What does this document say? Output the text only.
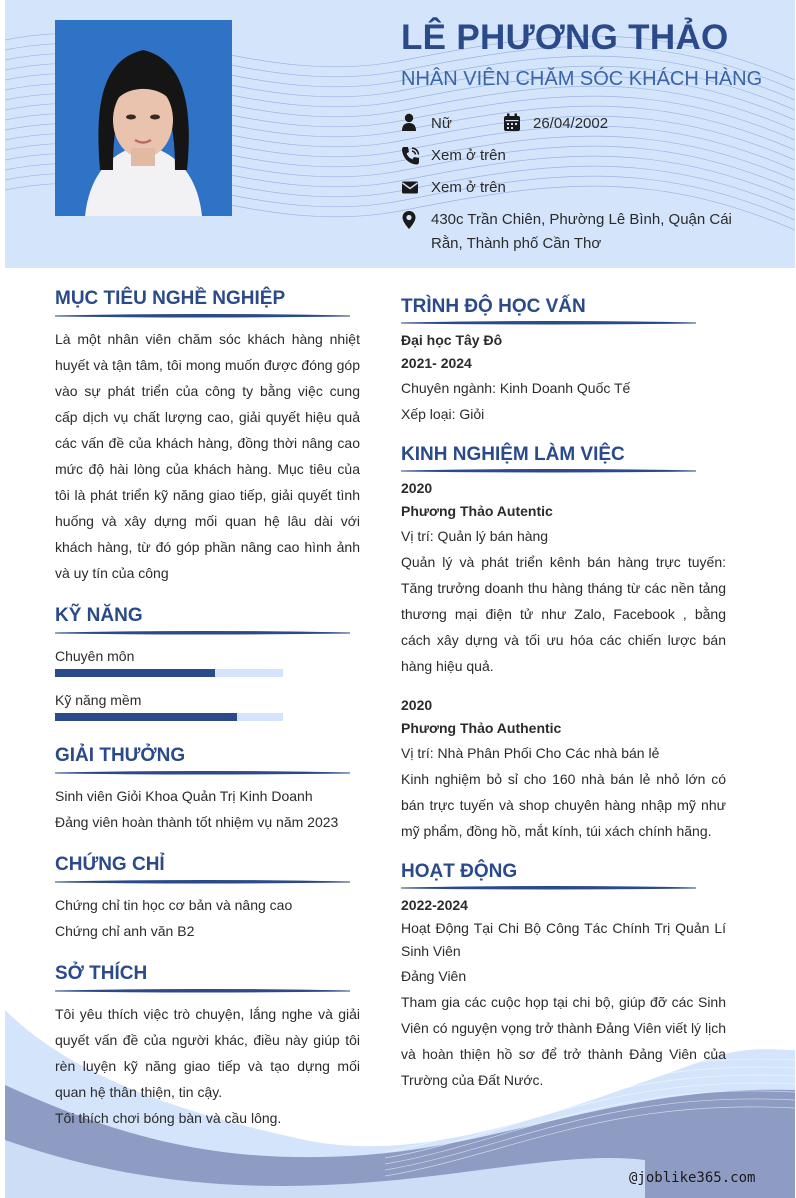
LÊ PHƯƠNG THẢO
NHÂN VIÊN CHĂM SÓC KHÁCH HÀNG
Nữ	26/04/2002
Xem ở trên
Xem ở trên
430c Trần Chiên, Phường Lê Bình, Quận Cái
Rằn, Thành phố Cần Thơ
MỤC TIÊU NGHỀ NGHIỆP
Là một nhân viên chăm sóc khách hàng nhiệt huyết và tận tâm, tôi mong muốn được đóng góp vào sự phát triển của công ty bằng việc cung cấp dịch vụ chất lượng cao, giải quyết hiệu quả các vấn đề của khách hàng, đồng thời nâng cao mức độ hài lòng của khách hàng. Mục tiêu của tôi là phát triển kỹ năng giao tiếp, giải quyết tình huống và xây dựng mối quan hệ lâu dài với khách hàng, từ đó góp phần nâng cao hình ảnh và uy tín của công
KỸ NĂNG
Chuyên môn
Kỹ năng mềm
GIẢI THƯỞNG
Sinh viên Giỏi Khoa Quản Trị Kinh Doanh
Đảng viên hoàn thành tốt nhiệm vụ năm 2023
CHỨNG CHỈ
Chứng chỉ tin học cơ bản và nâng cao
Chứng chỉ anh văn B2
SỞ THÍCH
Tôi yêu thích việc trò chuyện, lắng nghe và giải quyết vấn đề của người khác, điều này giúp tôi rèn luyện kỹ năng giao tiếp và tạo dựng mối quan hệ thân thiện, tin cậy.
Tôi thích chơi bóng bàn và cầu lông.
TRÌNH ĐỘ HỌC VẤN
Đại học Tây Đô
2021- 2024
Chuyên ngành: Kinh Doanh Quốc Tế
Xếp loại: Giỏi
KINH NGHIỆM LÀM VIỆC
2020
Phương Thảo Autentic
Vị trí: Quản lý bán hàng
Quản lý và phát triển kênh bán hàng trực tuyến: Tăng trưởng doanh thu hàng tháng từ các nền tảng thương mại điện tử như Zalo, Facebook , bằng cách xây dựng và tối ưu hóa các chiến lược bán hàng hiệu quả.
2020
Phương Thảo Authentic
Vị trí: Nhà Phân Phối Cho Các nhà bán lẻ
Kinh nghiệm bỏ sỉ cho 160 nhà bán lẻ nhỏ lớn có bán trực tuyến và shop chuyên hàng nhập mỹ như mỹ phẩm, đồng hồ, mắt kính, túi xách chính hãng.
HOẠT ĐỘNG
2022-2024
Hoạt Động Tại Chi Bộ Công Tác Chính Trị Quản Lí Sinh Viên
Đảng Viên
Tham gia các cuộc họp tại chi bộ, giúp đỡ các Sinh Viên có nguyện vọng trở thành Đảng Viên viết lý lịch và hoàn thiện hồ sơ để trở thành Đảng Viên của Trường của Đất Nước.
@joblike365.com
